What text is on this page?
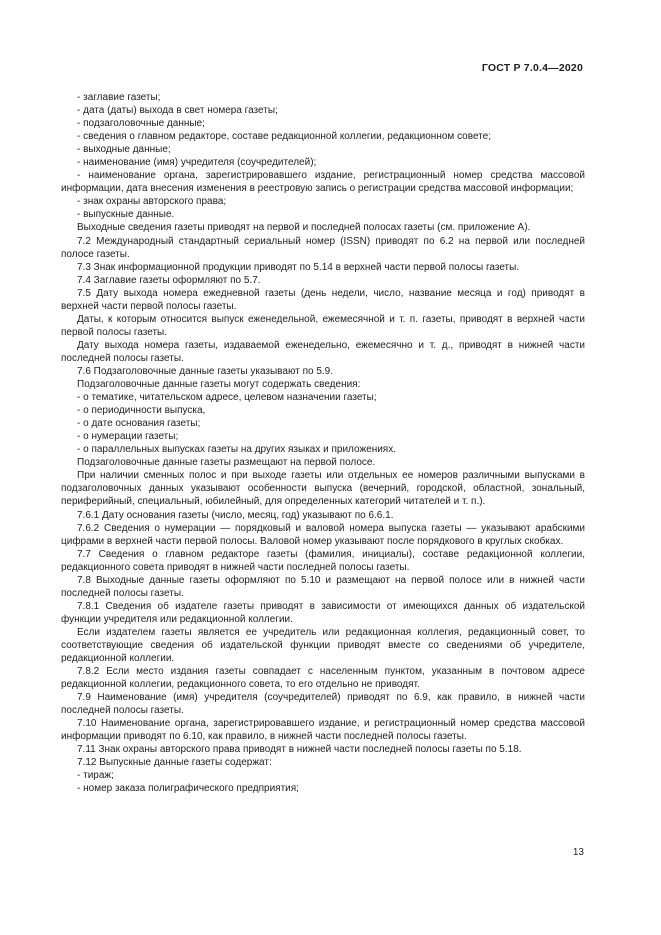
ГОСТ Р 7.0.4—2020

- заглавие газеты;

- дата (даты) выхода в свет номера газеты;

- подзаголовочные данные;

- сведения о главном редакторе, составе редакционной коллегии, редакционном совете;

- выходные данные;

- наименование (имя) учредителя (соучредителей);

- наименование органа, зарегистрировавшего издание, регистрационный номер средства массовой информации, дата внесения изменения в реестровую запись о регистрации средства массовой информации;

- знак охраны авторского права;

- выпускные данные.

Выходные сведения газеты приводят на первой и последней полосах газеты (см. приложение А).

7.2 Международный стандартный сериальный номер (ISSN) приводят по 6.2 на первой или последней полосе газеты.

7.3 Знак информационной продукции приводят по 5.14 в верхней части первой полосы газеты.

7.4 Заглавие газеты оформляют по 5.7.

7.5 Дату выхода номера ежедневной газеты (день недели, число, название месяца и год) приводят в верхней части первой полосы газеты.

Даты, к которым относится выпуск еженедельной, ежемесячной и т. п. газеты, приводят в верхней части первой полосы газеты.

Дату выхода номера газеты, издаваемой еженедельно, ежемесячно и т. д., приводят в нижней части последней полосы газеты.

7.6 Подзаголовочные данные газеты указывают по 5.9.

Подзаголовочные данные газеты могут содержать сведения:

- о тематике, читательском адресе, целевом назначении газеты;

- о периодичности выпуска,

- о дате основания газеты;

- о нумерации газеты;

- о параллельных выпусках газеты на других языках и приложениях.

Подзаголовочные данные газеты размещают на первой полосе.

При наличии сменных полос и при выходе газеты или отдельных ее номеров различными выпусками в подзаголовочных данных указывают особенности выпуска (вечерний, городской, областной, зональный, периферийный, специальный, юбилейный, для определенных категорий читателей и т. п.).

7.6.1 Дату основания газеты (число, месяц, год) указывают по 6.6.1.

7.6.2 Сведения о нумерации — порядковый и валовой номера выпуска газеты — указывают арабскими цифрами в верхней части первой полосы. Валовой номер указывают после порядкового в круглых скобках.

7.7 Сведения о главном редакторе газеты (фамилия, инициалы), составе редакционной коллегии, редакционного совета приводят в нижней части последней полосы газеты.

7.8 Выходные данные газеты оформляют по 5.10 и размещают на первой полосе или в нижней части последней полосы газеты.

7.8.1 Сведения об издателе газеты приводят в зависимости от имеющихся данных об издательской функции учредителя или редакционной коллегии.

Если издателем газеты является ее учредитель или редакционная коллегия, редакционный совет, то соответствующие сведения об издательской функции приводят вместе со сведениями об учредителе, редакционной коллегии.

7.8.2 Если место издания газеты совпадает с населенным пунктом, указанным в почтовом адресе редакционной коллегии, редакционного совета, то его отдельно не приводят.

7.9 Наименование (имя) учредителя (соучредителей) приводят по 6.9, как правило, в нижней части последней полосы газеты.

7.10 Наименование органа, зарегистрировавшего издание, и регистрационный номер средства массовой информации приводят по 6.10, как правило, в нижней части последней полосы газеты.

7.11 Знак охраны авторского права приводят в нижней части последней полосы газеты по 5.18.

7.12 Выпускные данные газеты содержат:

- тираж;

- номер заказа полиграфического предприятия;

13
